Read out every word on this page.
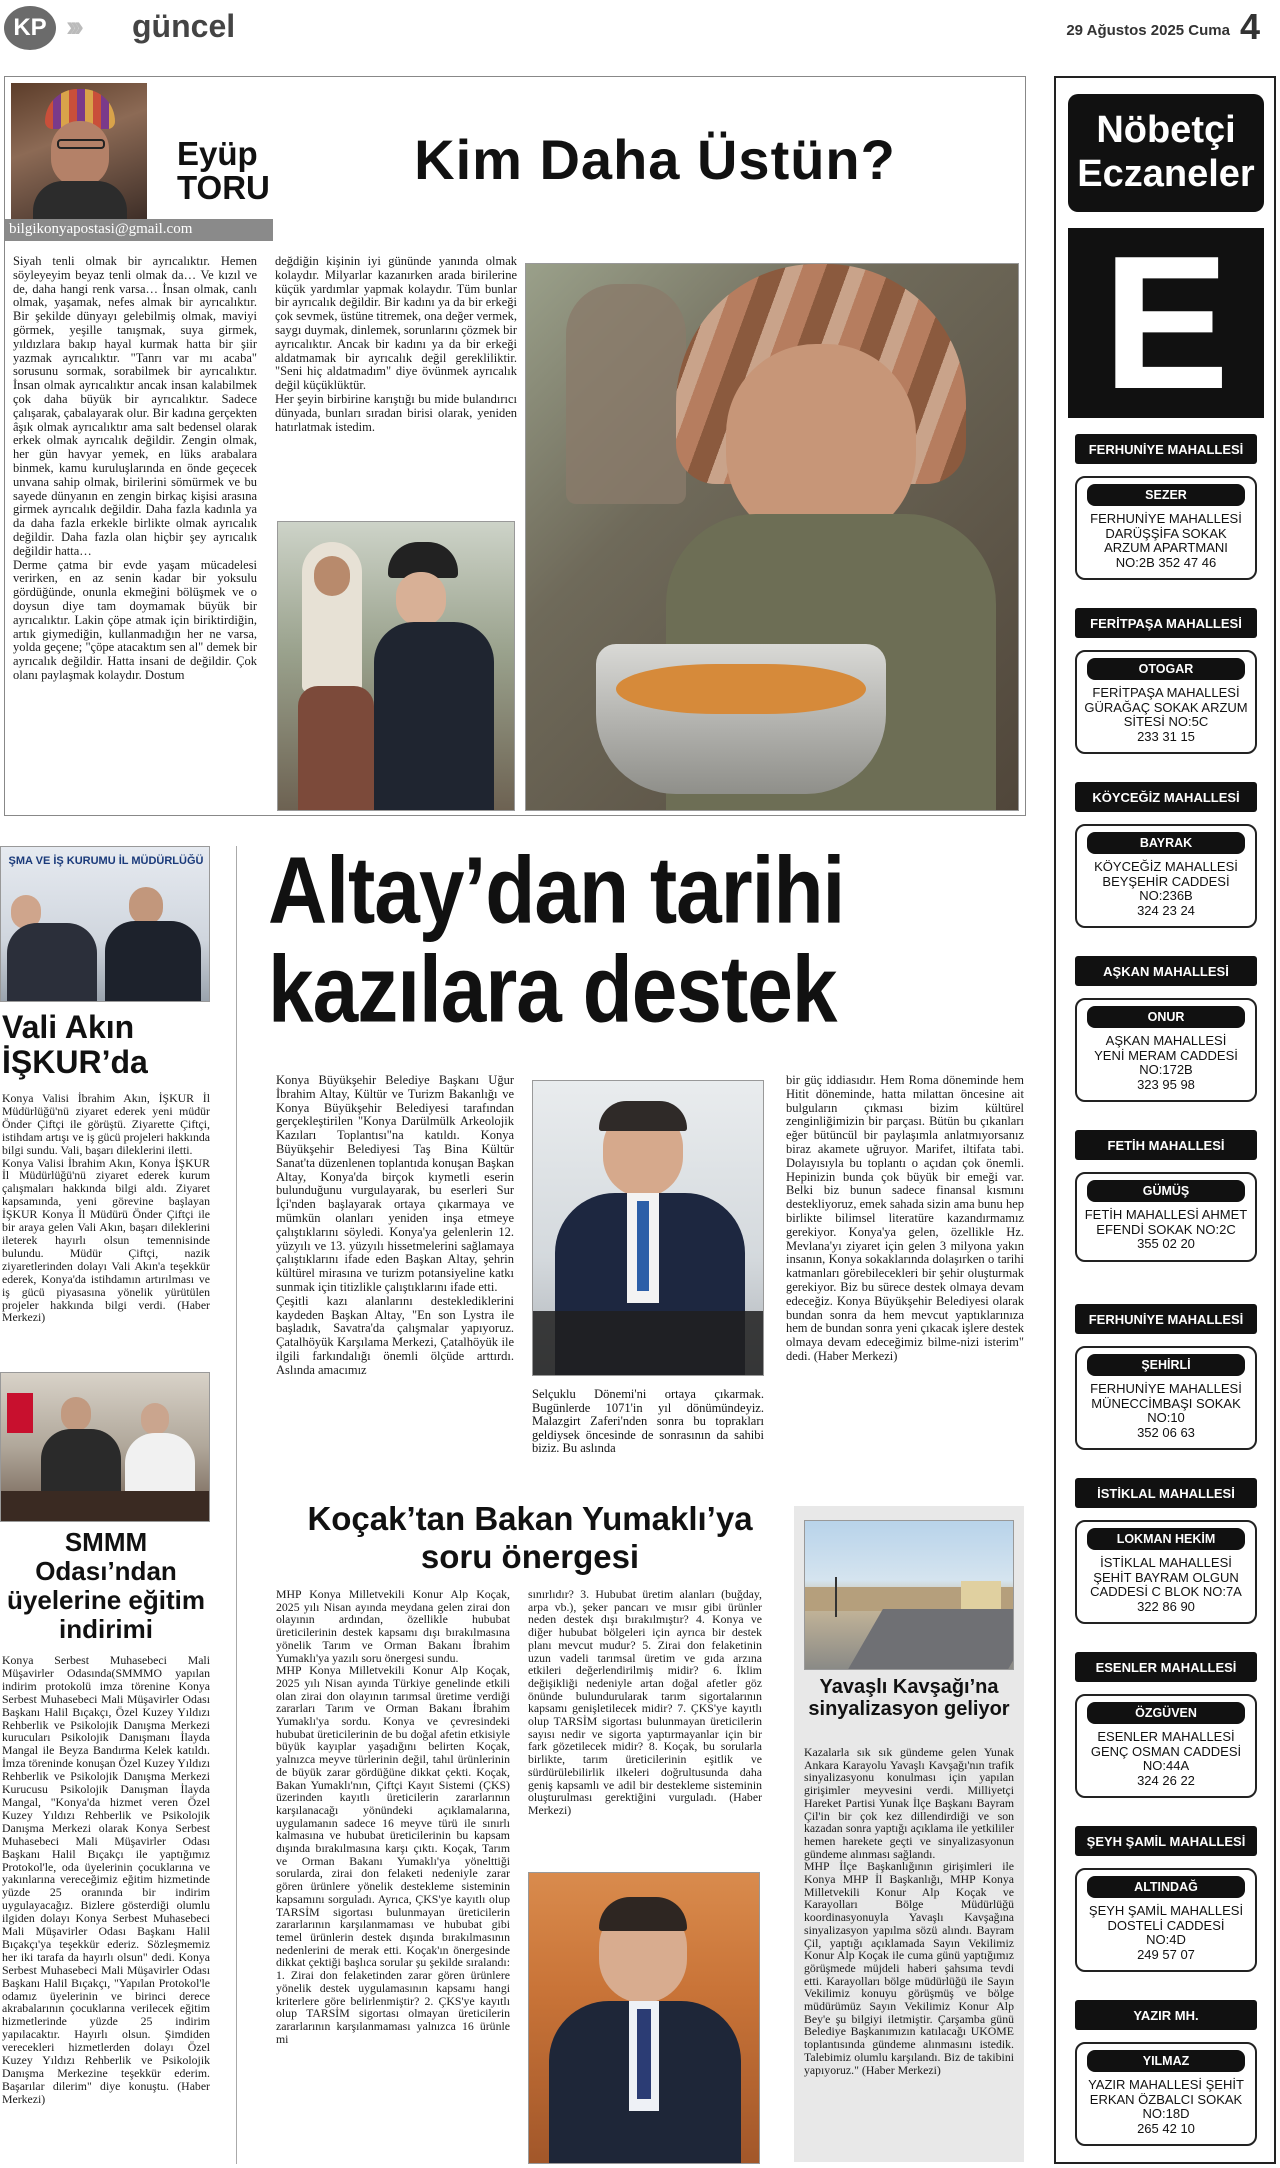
KP ››› güncel	29 Ağustos 2025 Cuma 4
Eyüp
TORU
bilgikonyapostasi@gmail.com
Kim Daha Üstün?
Siyah tenli olmak bir ayrıcalıktır. Hemen söyleyeyim beyaz tenli olmak da… Ve kızıl ve de, daha hangi renk varsa… İnsan olmak, canlı olmak, yaşamak, nefes almak bir ayrıcalıktır. Bir şekilde dünyayı gelebilmiş olmak, maviyi görmek, yeşille tanışmak, suya girmek, yıldızlara bakıp hayal kurmak hatta bir şiir yazmak ayrıcalıktır. "Tanrı var mı acaba" sorusunu sormak, sorabilmek bir ayrıcalıktır. İnsan olmak ayrıcalıktır ancak insan kalabilmek çok daha büyük bir ayrıcalıktır. Sadece çalışarak, çabalayarak olur. Bir kadına gerçekten âşık olmak ayrıcalıktır ama salt bedensel olarak erkek olmak ayrıcalık değildir. Zengin olmak, her gün havyar yemek, en lüks arabalara binmek, kamu kuruluşlarında en önde geçecek unvana sahip olmak, birilerini sömürmek ve bu sayede dünyanın en zengin birkaç kişisi arasına girmek ayrıcalık değildir. Daha fazla kadınla ya da daha fazla erkekle birlikte olmak ayrıcalık değildir. Daha fazla olan hiçbir şey ayrıcalık değildir hatta…
Derme çatma bir evde yaşam mücadelesi verirken, en az senin kadar bir yoksulu gördüğünde, onunla ekmeğini bölüşmek ve o doysun diye tam doymamak büyük bir ayrıcalıktır. Lakin çöpe atmak için biriktirdiğin, artık giymediğin, kullanmadığın her ne varsa, yolda geçene; "çöpe atacaktım sen al" demek bir ayrıcalık değildir. Hatta insani de değildir. Çok olanı paylaşmak kolaydır. Dostum
değdiğin kişinin iyi gününde yanında olmak kolaydır. Milyarlar kazanırken arada birilerine küçük yardımlar yapmak kolaydır. Tüm bunlar bir ayrıcalık değildir. Bir kadını ya da bir erkeği çok sevmek, üstüne titremek, ona değer vermek, saygı duymak, dinlemek, sorunlarını çözmek bir ayrıcalıktır. Ancak bir kadını ya da bir erkeği aldatmamak bir ayrıcalık değil gerekliliktir. "Seni hiç aldatmadım" diye övünmek ayrıcalık değil küçüklüktür.
Her şeyin birbirine karıştığı bu mide bulandırıcı dünyada, bunları sıradan birisi olarak, yeniden hatırlatmak istedim.
ŞMA VE İŞ KURUMU İL MÜDÜRLÜĞÜ
Vali Akın İŞKUR’da
Konya Valisi İbrahim Akın, İŞKUR İl Müdürlüğü'nü ziyaret ederek yeni müdür Önder Çiftçi ile görüştü. Ziyarette Çiftçi, istihdam artışı ve iş gücü projeleri hakkında bilgi sundu. Vali, başarı dileklerini iletti.
Konya Valisi İbrahim Akın, Konya İŞKUR İl Müdürlüğü'nü ziyaret ederek kurum çalışmaları hakkında bilgi aldı. Ziyaret kapsamında, yeni görevine başlayan İŞKUR Konya İl Müdürü Önder Çiftçi ile bir araya gelen Vali Akın, başarı dileklerini ileterek hayırlı olsun temennisinde bulundu. Müdür Çiftçi, nazik ziyaretlerinden dolayı Vali Akın'a teşekkür ederek, Konya'da istihdamın artırılması ve iş gücü piyasasına yönelik yürütülen projeler hakkında bilgi verdi. (Haber Merkezi)
SMMM Odası’ndan üyelerine eğitim indirimi
Konya Serbest Muhasebeci Mali Müşavirler Odasında(SMMMO yapılan indirim protokolü imza törenine Konya Serbest Muhasebeci Mali Müşavirler Odası Başkanı Halil Bıçakçı, Özel Kuzey Yıldızı Rehberlik ve Psikolojik Danışma Merkezi kurucuları Psikolojik Danışmanı İlayda Mangal ile Beyza Bandırma Kelek katıldı. İmza töreninde konuşan Özel Kuzey Yıldızı Rehberlik ve Psikolojik Danışma Merkezi Kurucusu Psikolojik Danışman İlayda Mangal, "Konya'da hizmet veren Özel Kuzey Yıldızı Rehberlik ve Psikolojik Danışma Merkezi olarak Konya Serbest Muhasebeci Mali Müşavirler Odası Başkanı Halil Bıçakçı ile yaptığımız Protokol'le, oda üyelerinin çocuklarına ve yakınlarına vereceğimiz eğitim hizmetinde yüzde 25 oranında bir indirim uygulayacağız. Bizlere gösterdiği olumlu ilgiden dolayı Konya Serbest Muhasebeci Mali Müşavirler Odası Başkanı Halil Bıçakçı'ya teşekkür ederiz. Sözleşmemiz her iki tarafa da hayırlı olsun" dedi. Konya Serbest Muhasebeci Mali Müşavirler Odası Başkanı Halil Bıçakçı, "Yapılan Protokol'le odamız üyelerinin ve birinci derece akrabalarının çocuklarına verilecek eğitim hizmetlerinde yüzde 25 indirim yapılacaktır. Hayırlı olsun. Şimdiden verecekleri hizmetlerden dolayı Özel Kuzey Yıldızı Rehberlik ve Psikolojik Danışma Merkezine teşekkür ederim. Başarılar dilerim" diye konuştu. (Haber Merkezi)
Altay’dan tarihi kazılara destek
Konya Büyükşehir Belediye Başkanı Uğur İbrahim Altay, Kültür ve Turizm Bakanlığı ve Konya Büyükşehir Belediyesi tarafından gerçekleştirilen "Konya Darülmülk Arkeolojik Kazıları Toplantısı"na katıldı. Konya Büyükşehir Belediyesi Taş Bina Kültür Sanat'ta düzenlenen toplantıda konuşan Başkan Altay, Konya'da birçok kıymetli eserin bulunduğunu vurgulayarak, bu eserleri Sur İçi'nden başlayarak ortaya çıkarmaya ve mümkün olanları yeniden inşa etmeye çalıştıklarını söyledi. Konya'ya gelenlerin 12. yüzyılı ve 13. yüzyılı hissetmelerini sağlamaya çalıştıklarını ifade eden Başkan Altay, şehrin kültürel mirasına ve turizm potansiyeline katkı sunmak için titizlikle çalıştıklarını ifade etti.
Çeşitli kazı alanlarını desteklediklerini kaydeden Başkan Altay, "En son Lystra ile başladık, Savatra'da çalışmalar yapıyoruz. Çatalhöyük Karşılama Merkezi, Çatalhöyük ile ilgili farkındalığı önemli ölçüde arttırdı. Aslında amacımız
Selçuklu Dönemi'ni ortaya çıkarmak. Bugünlerde 1071'in yıl dönümündeyiz. Malazgirt Zaferi'nden sonra bu toprakları geldiysek öncesinde de sonrasının da sahibi biziz. Bu aslında
bir güç iddiasıdır. Hem Roma döneminde hem Hitit döneminde, hatta milattan öncesine ait bulguların çıkması bizim kültürel zenginliğimizin bir parçası. Bütün bu çıkanları eğer bütüncül bir paylaşımla anlatmıyorsanız biraz akamete uğruyor. Marifet, iltifata tabi. Dolayısıyla bu toplantı o açıdan çok önemli. Hepinizin bunda çok büyük bir emeği var. Belki biz bunun sadece finansal kısmını destekliyoruz, emek sahada sizin ama bunu hep birlikte bilimsel literatüre kazandırmamız gerekiyor. Konya'ya gelen, özellikle Hz. Mevlana'yı ziyaret için gelen 3 milyona yakın insanın, Konya sokaklarında dolaşırken o tarihi katmanları görebilecekleri bir şehir oluşturmak gerekiyor. Biz bu sürece destek olmaya devam edeceğiz. Konya Büyükşehir Belediyesi olarak bundan sonra da hem mevcut yaptıklarınıza hem de bundan sonra yeni çıkacak işlere destek olmaya devam edeceğimiz bilme-nizi isterim" dedi. (Haber Merkezi)
Koçak’tan Bakan Yumaklı’ya soru önergesi
MHP Konya Milletvekili Konur Alp Koçak, 2025 yılı Nisan ayında meydana gelen zirai don olayının ardından, özellikle hububat üreticilerinin destek kapsamı dışı bırakılmasına yönelik Tarım ve Orman Bakanı İbrahim Yumaklı'ya yazılı soru önergesi sundu.
MHP Konya Milletvekili Konur Alp Koçak, 2025 yılı Nisan ayında Türkiye genelinde etkili olan zirai don olayının tarımsal üretime verdiği zararları Tarım ve Orman Bakanı İbrahim Yumaklı'ya sordu. Konya ve çevresindeki hububat üreticilerinin de bu doğal afetin etkisiyle büyük kayıplar yaşadığını belirten Koçak, yalnızca meyve türlerinin değil, tahıl ürünlerinin de büyük zarar gördüğüne dikkat çekti. Koçak, Bakan Yumaklı'nın, Çiftçi Kayıt Sistemi (ÇKS) üzerinden kayıtlı üreticilerin zararlarının karşılanacağı yönündeki açıklamalarına, uygulamanın sadece 16 meyve türü ile sınırlı kalmasına ve hububat üreticilerinin bu kapsam dışında bırakılmasına karşı çıktı. Koçak, Tarım ve Orman Bakanı Yumaklı'ya yönelttiği sorularda, zirai don felaketi nedeniyle zarar gören ürünlere yönelik destekleme sisteminin kapsamını sorguladı. Ayrıca, ÇKS'ye kayıtlı olup TARSİM sigortası bulunmayan üreticilerin zararlarının karşılanmaması ve hububat gibi temel ürünlerin destek dışında bırakılmasının nedenlerini de merak etti. Koçak'ın önergesinde dikkat çektiği başlıca sorular şu şekilde sıralandı: 1. Zirai don felaketinden zarar gören ürünlere yönelik destek uygulamasının kapsamı hangi kriterlere göre belirlenmiştir? 2. ÇKS'ye kayıtlı olup TARSİM sigortası olmayan üreticilerin zararlarının karşılanmaması yalnızca 16 ürünle mi
sınırlıdır? 3. Hububat üretim alanları (buğday, arpa vb.), şeker pancarı ve mısır gibi ürünler neden destek dışı bırakılmıştır? 4. Konya ve diğer hububat bölgeleri için ayrıca bir destek planı mevcut mudur? 5. Zirai don felaketinin uzun vadeli tarımsal üretim ve gıda arzına etkileri değerlendirilmiş midir? 6. İklim değişikliği nedeniyle artan doğal afetler göz önünde bulundurularak tarım sigortalarının kapsamı genişletilecek midir? 7. ÇKS'ye kayıtlı olup TARSİM sigortası bulunmayan üreticilerin sayısı nedir ve sigorta yaptırmayanlar için bir fark gözetilecek midir? 8. Koçak, bu sorularla birlikte, tarım üreticilerinin eşitlik ve sürdürülebilirlik ilkeleri doğrultusunda daha geniş kapsamlı ve adil bir destekleme sisteminin oluşturulması gerektiğini vurguladı. (Haber Merkezi)
Yavaşlı Kavşağı’na sinyalizasyon geliyor
Kazalarla sık sık gündeme gelen Yunak Ankara Karayolu Yavaşlı Kavşağı'nın trafik sinyalizasyonu konulması için yapılan girişimler meyvesini verdi. Milliyetçi Hareket Partisi Yunak İlçe Başkanı Bayram Çil'in bir çok kez dillendirdiği ve son kazadan sonra yaptığı açıklama ile yetkililer hemen harekete geçti ve sinyalizasyonun gündeme alınması sağlandı.
MHP İlçe Başkanlığının girişimleri ile Konya MHP İl Başkanlığı, MHP Konya Milletvekili Konur Alp Koçak ve Karayolları Bölge Müdürlüğü koordinasyonuyla Yavaşlı Kavşağına sinyalizasyon yapılma sözü alındı. Bayram Çil, yaptığı açıklamada Sayın Vekilimiz Konur Alp Koçak ile cuma günü yaptığımız görüşmede müjdeli haberi şahsıma tevdi etti. Karayolları bölge müdürlüğü ile Sayın Vekilimiz konuyu görüşmüş ve bölge müdürümüz Sayın Vekilimiz Konur Alp Bey'e şu bilgiyi iletmiştir. Çarşamba günü Belediye Başkanımızın katılacağı UKOME toplantısında gündeme alınmasını istedik. Talebimiz olumlu karşılandı. Biz de takibini yapıyoruz." (Haber Merkezi)
Nöbetçi
Eczaneler
E
FERHUNİYE MAHALLESİ
SEZER
FERHUNİYE MAHALLESİ
DARÜŞŞİFA SOKAK
ARZUM APARTMANI
NO:2B 352 47 46
FERİTPAŞA MAHALLESİ
OTOGAR
FERİTPAŞA MAHALLESİ
GÜRAĞAÇ SOKAK ARZUM
SİTESİ NO:5C
233 31 15
KÖYCEĞİZ MAHALLESİ
BAYRAK
KÖYCEĞİZ MAHALLESİ
BEYŞEHİR CADDESİ
NO:236B
324 23 24
AŞKAN MAHALLESİ
ONUR
AŞKAN MAHALLESİ
YENİ MERAM CADDESİ
NO:172B
323 95 98
FETİH MAHALLESİ
GÜMÜŞ
FETİH MAHALLESİ AHMET
EFENDİ SOKAK NO:2C
355 02 20
FERHUNİYE MAHALLESİ
ŞEHİRLİ
FERHUNİYE MAHALLESİ
MÜNECCİMBAŞI SOKAK
NO:10
352 06 63
İSTİKLAL MAHALLESİ
LOKMAN HEKİM
İSTİKLAL MAHALLESİ
ŞEHİT BAYRAM OLGUN
CADDESİ C BLOK NO:7A
322 86 90
ESENLER MAHALLESİ
ÖZGÜVEN
ESENLER MAHALLESİ
GENÇ OSMAN CADDESİ
NO:44A
324 26 22
ŞEYH ŞAMİL MAHALLESİ
ALTINDAĞ
ŞEYH ŞAMİL MAHALLESİ
DOSTELİ CADDESİ
NO:4D
249 57 07
YAZIR MH.
YILMAZ
YAZIR MAHALLESİ ŞEHİT
ERKAN ÖZBALCI SOKAK
NO:18D
265 42 10
